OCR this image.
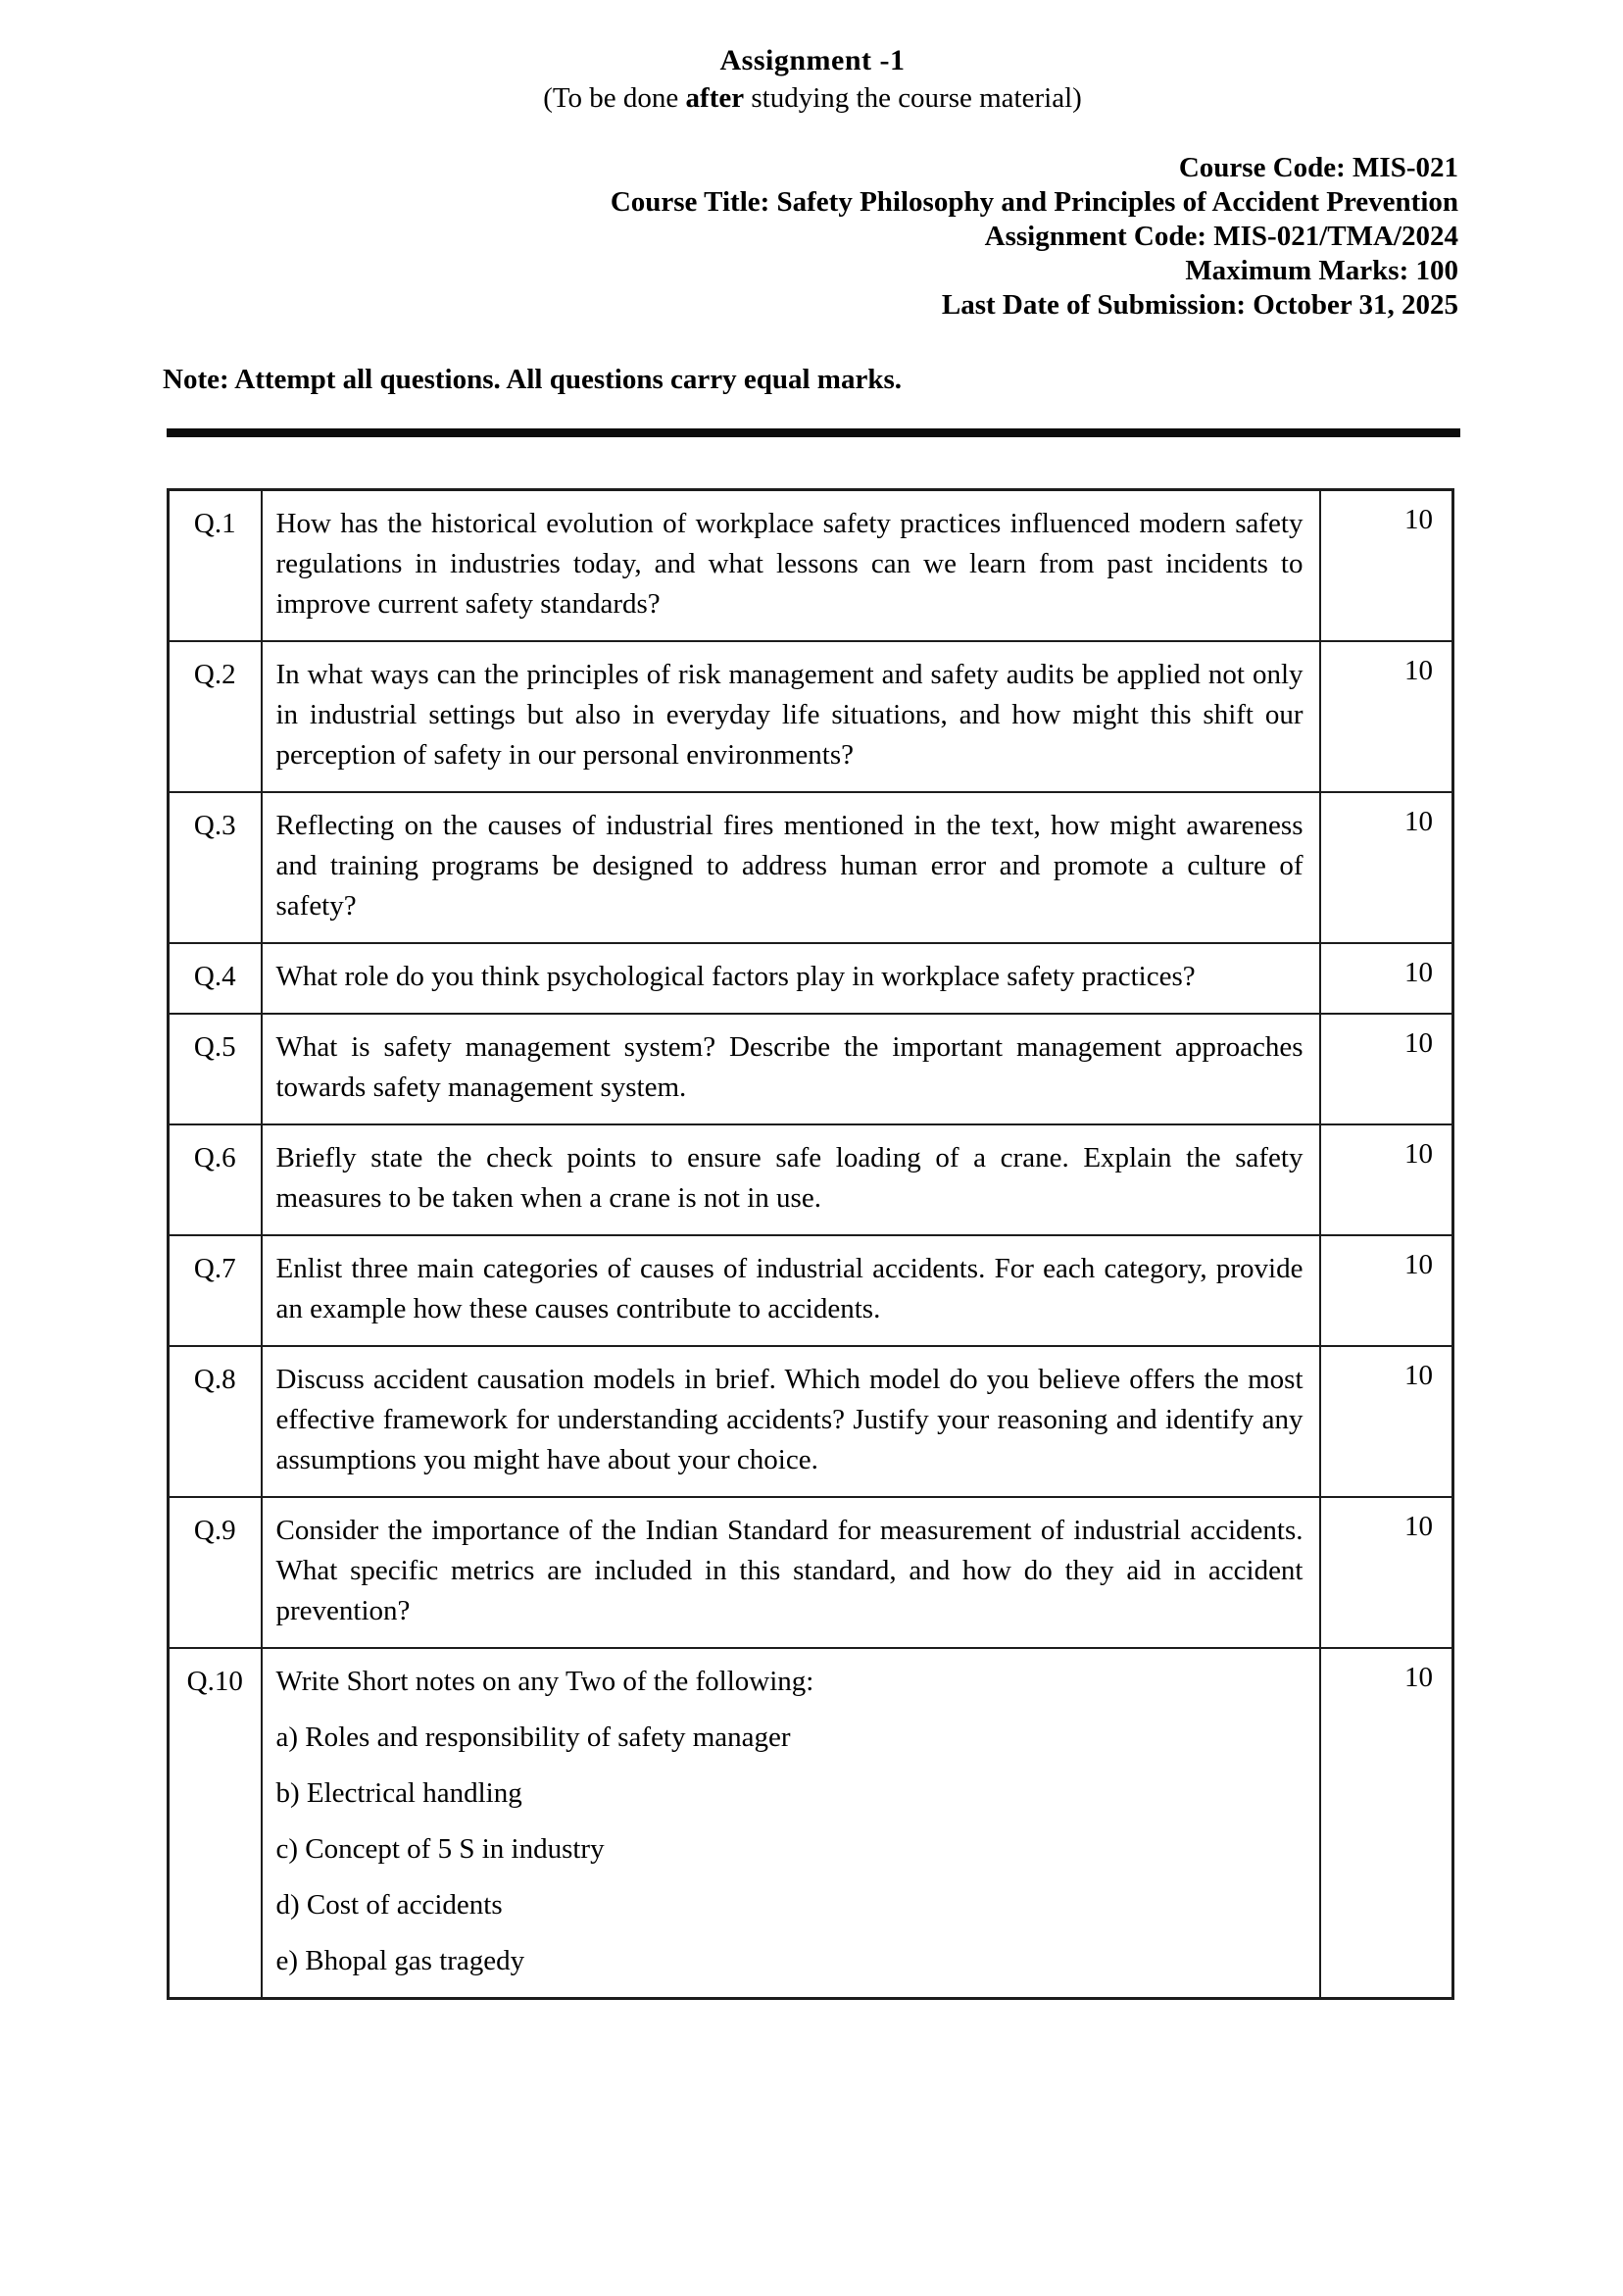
Assignment -1
(To be done after studying the course material)
Course Code: MIS-021
Course Title: Safety Philosophy and Principles of Accident Prevention
Assignment Code: MIS-021/TMA/2024
Maximum Marks: 100
Last Date of Submission: October 31, 2025
Note: Attempt all questions. All questions carry equal marks.
Q.1	How has the historical evolution of workplace safety practices influenced modern safety regulations in industries today, and what lessons can we learn from past incidents to improve current safety standards?	10
Q.2	In what ways can the principles of risk management and safety audits be applied not only in industrial settings but also in everyday life situations, and how might this shift our perception of safety in our personal environments?	10
Q.3	Reflecting on the causes of industrial fires mentioned in the text, how might awareness and training programs be designed to address human error and promote a culture of safety?	10
Q.4	What role do you think psychological factors play in workplace safety practices?	10
Q.5	What is safety management system? Describe the important management approaches towards safety management system.	10
Q.6	Briefly state the check points to ensure safe loading of a crane. Explain the safety measures to be taken when a crane is not in use.	10
Q.7	Enlist three main categories of causes of industrial accidents. For each category, provide an example how these causes contribute to accidents.	10
Q.8	Discuss accident causation models in brief. Which model do you believe offers the most effective framework for understanding accidents? Justify your reasoning and identify any assumptions you might have about your choice.	10
Q.9	Consider the importance of the Indian Standard for measurement of industrial accidents. What specific metrics are included in this standard, and how do they aid in accident prevention?	10
Q.10	Write Short notes on any Two of the following:

a) Roles and responsibility of safety manager

b) Electrical handling

c) Concept of 5 S in industry

d) Cost of accidents

e) Bhopal gas tragedy

	10
